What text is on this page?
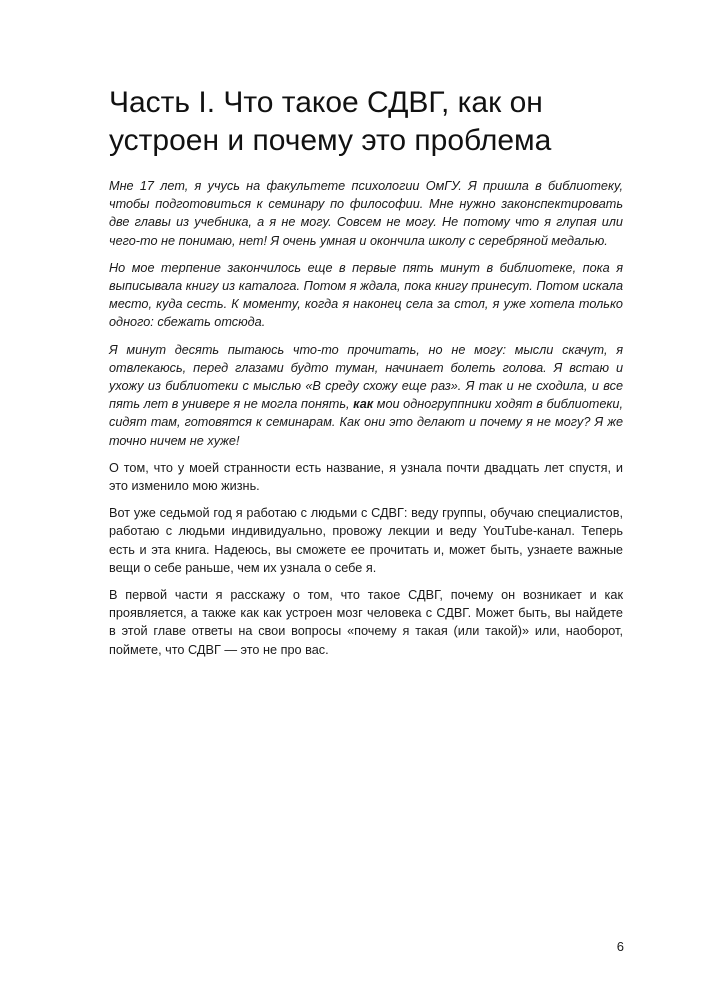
Часть I. Что такое СДВГ, как он устроен и почему это проблема

Мне 17 лет, я учусь на факультете психологии ОмГУ. Я пришла в библиотеку, чтобы подготовиться к семинару по философии. Мне нужно законспектировать две главы из учебника, а я не могу. Совсем не могу. Не потому что я глупая или чего-то не понимаю, нет! Я очень умная и окончила школу с серебряной медалью.

Но мое терпение закончилось еще в первые пять минут в библиотеке, пока я выписывала книгу из каталога. Потом я ждала, пока книгу принесут. Потом искала место, куда сесть. К моменту, когда я наконец села за стол, я уже хотела только одного: сбежать отсюда.

Я минут десять пытаюсь что-то прочитать, но не могу: мысли скачут, я отвлекаюсь, перед глазами будто туман, начинает болеть голова. Я встаю и ухожу из библиотеки с мыслью «В среду схожу еще раз». Я так и не сходила, и все пять лет в универе я не могла понять, как мои одногруппники ходят в библиотеки, сидят там, готовятся к семинарам. Как они это делают и почему я не могу? Я же точно ничем не хуже!

О том, что у моей странности есть название, я узнала почти двадцать лет спустя, и это изменило мою жизнь.

Вот уже седьмой год я работаю с людьми с СДВГ: веду группы, обучаю специалистов, работаю с людьми индивидуально, провожу лекции и веду YouTube-канал. Теперь есть и эта книга. Надеюсь, вы сможете ее прочитать и, может быть, узнаете важные вещи о себе раньше, чем их узнала о себе я.

В первой части я расскажу о том, что такое СДВГ, почему он возникает и как проявляется, а также как как устроен мозг человека с СДВГ. Может быть, вы найдете в этой главе ответы на свои вопросы «почему я такая (или такой)» или, наоборот, поймете, что СДВГ — это не про вас.

6
